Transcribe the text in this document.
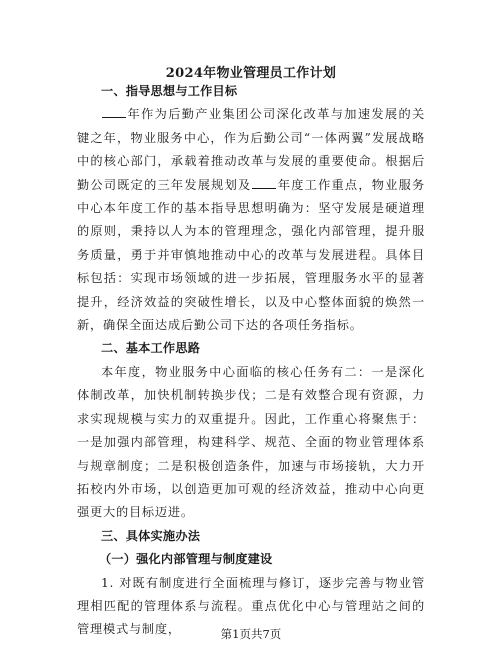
2024年物业管理员工作计划
一、指导思想与工作目标
年作为后勤产业集团公司深化改革与加速发展的关键之年，物业服务中心，作为后勤公司“一体两翼”发展战略中的核心部门，承载着推动改革与发展的重要使命。根据后勤公司既定的三年发展规划及 年度工作重点，物业服务中心本年度工作的基本指导思想明确为：坚守发展是硬道理的原则，秉持以人为本的管理理念，强化内部管理，提升服务质量，勇于并审慎地推动中心的改革与发展进程。具体目标包括：实现市场领域的进一步拓展，管理服务水平的显著提升，经济效益的突破性增长，以及中心整体面貌的焕然一新，确保全面达成后勤公司下达的各项任务指标。
二、基本工作思路
本年度，物业服务中心面临的核心任务有二：一是深化体制改革，加快机制转换步伐；二是有效整合现有资源，力求实现规模与实力的双重提升。因此，工作重心将聚焦于：一是加强内部管理，构建科学、规范、全面的物业管理体系与规章制度；二是积极创造条件，加速与市场接轨，大力开拓校内外市场，以创造更加可观的经济效益，推动中心向更强更大的目标迈进。
三、具体实施办法
（一）强化内部管理与制度建设
1. 对既有制度进行全面梳理与修订，逐步完善与物业管理相匹配的管理体系与流程。重点优化中心与管理站之间的管理模式与制度，	第1页共7页
